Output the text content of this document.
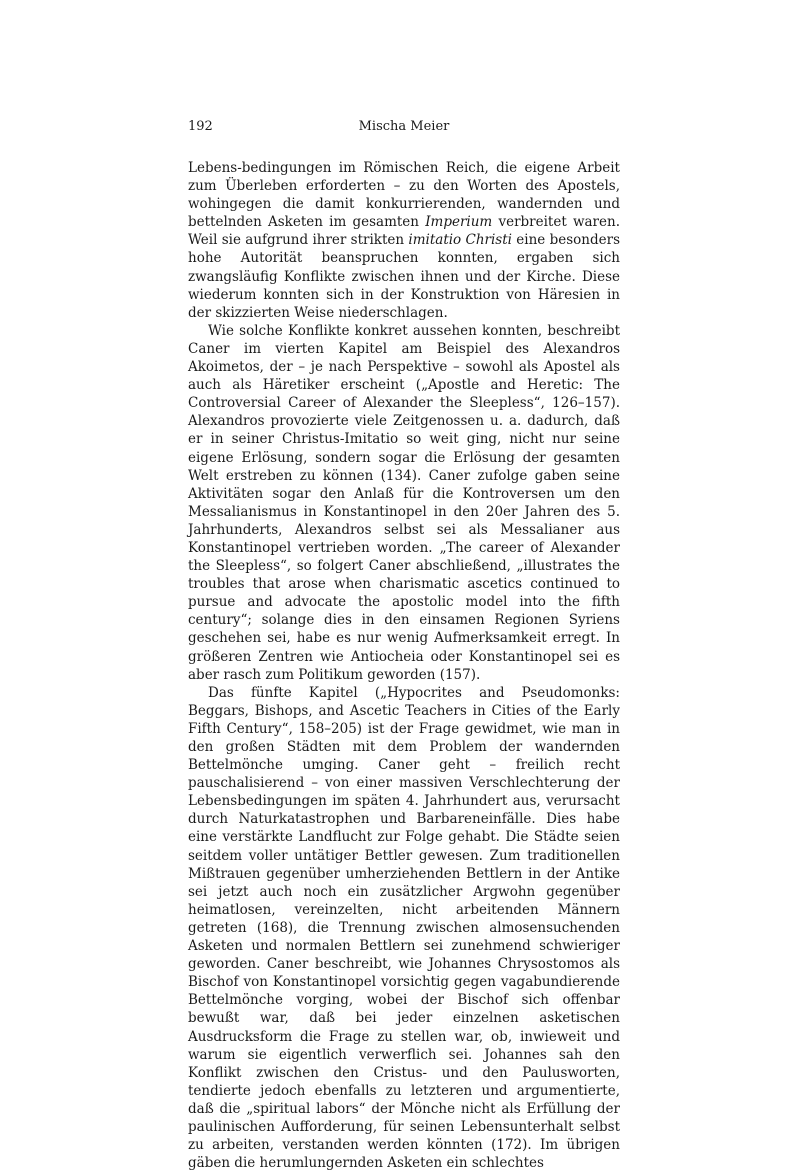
192	Mischa Meier

Lebens-bedingungen im Römischen Reich, die eigene Arbeit zum Überleben erforderten – zu den Worten des Apostels, wohingegen die damit konkurrierenden, wandernden und bettelnden Asketen im gesamten Imperium verbreitet waren. Weil sie aufgrund ihrer strikten imitatio Christi eine besonders hohe Autorität beanspruchen konnten, ergaben sich zwangsläufig Konflikte zwischen ihnen und der Kirche. Diese wiederum konnten sich in der Konstruktion von Häresien in der skizzierten Weise niederschlagen.

Wie solche Konflikte konkret aussehen konnten, beschreibt Caner im vierten Kapitel am Beispiel des Alexandros Akoimetos, der – je nach Perspektive – sowohl als Apostel als auch als Häretiker erscheint („Apostle and Heretic: The Controversial Career of Alexander the Sleepless“, 126–157). Alexandros provozierte viele Zeitgenossen u. a. dadurch, daß er in seiner Christus-Imitatio so weit ging, nicht nur seine eigene Erlösung, sondern sogar die Erlösung der gesamten Welt erstreben zu können (134). Caner zufolge gaben seine Aktivitäten sogar den Anlaß für die Kontroversen um den Messalianismus in Konstantinopel in den 20er Jahren des 5. Jahrhunderts, Alexandros selbst sei als Messalianer aus Konstantinopel vertrieben worden. „The career of Alexander the Sleepless“, so folgert Caner abschließend, „illustrates the troubles that arose when charismatic ascetics continued to pursue and advocate the apostolic model into the fifth century“; solange dies in den einsamen Regionen Syriens geschehen sei, habe es nur wenig Aufmerksamkeit erregt. In größeren Zentren wie Antiocheia oder Konstantinopel sei es aber rasch zum Politikum geworden (157).

Das fünfte Kapitel („Hypocrites and Pseudomonks: Beggars, Bishops, and Ascetic Teachers in Cities of the Early Fifth Century“, 158–205) ist der Frage gewidmet, wie man in den großen Städten mit dem Problem der wandernden Bettelmönche umging. Caner geht – freilich recht pauschalisierend – von einer massiven Verschlechterung der Lebensbedingungen im späten 4. Jahrhundert aus, verursacht durch Naturkatastrophen und Barbareneinfälle. Dies habe eine verstärkte Landflucht zur Folge gehabt. Die Städte seien seitdem voller untätiger Bettler gewesen. Zum traditionellen Mißtrauen gegenüber umherziehenden Bettlern in der Antike sei jetzt auch noch ein zusätzlicher Argwohn gegenüber heimatlosen, vereinzelten, nicht arbeitenden Männern getreten (168), die Trennung zwischen almosensuchenden Asketen und normalen Bettlern sei zunehmend schwieriger geworden. Caner beschreibt, wie Johannes Chrysostomos als Bischof von Konstantinopel vorsichtig gegen vagabundierende Bettelmönche vorging, wobei der Bischof sich offenbar bewußt war, daß bei jeder einzelnen asketischen Ausdrucksform die Frage zu stellen war, ob, inwieweit und warum sie eigentlich verwerflich sei. Johannes sah den Konflikt zwischen den Cristus- und den Paulusworten, tendierte jedoch ebenfalls zu letzteren und argumentierte, daß die „spiritual labors“ der Mönche nicht als Erfüllung der paulinischen Aufforderung, für seinen Lebensunterhalt selbst zu arbeiten, verstanden werden könnten (172). Im übrigen gäben die herumlungernden Asketen ein schlechtes
